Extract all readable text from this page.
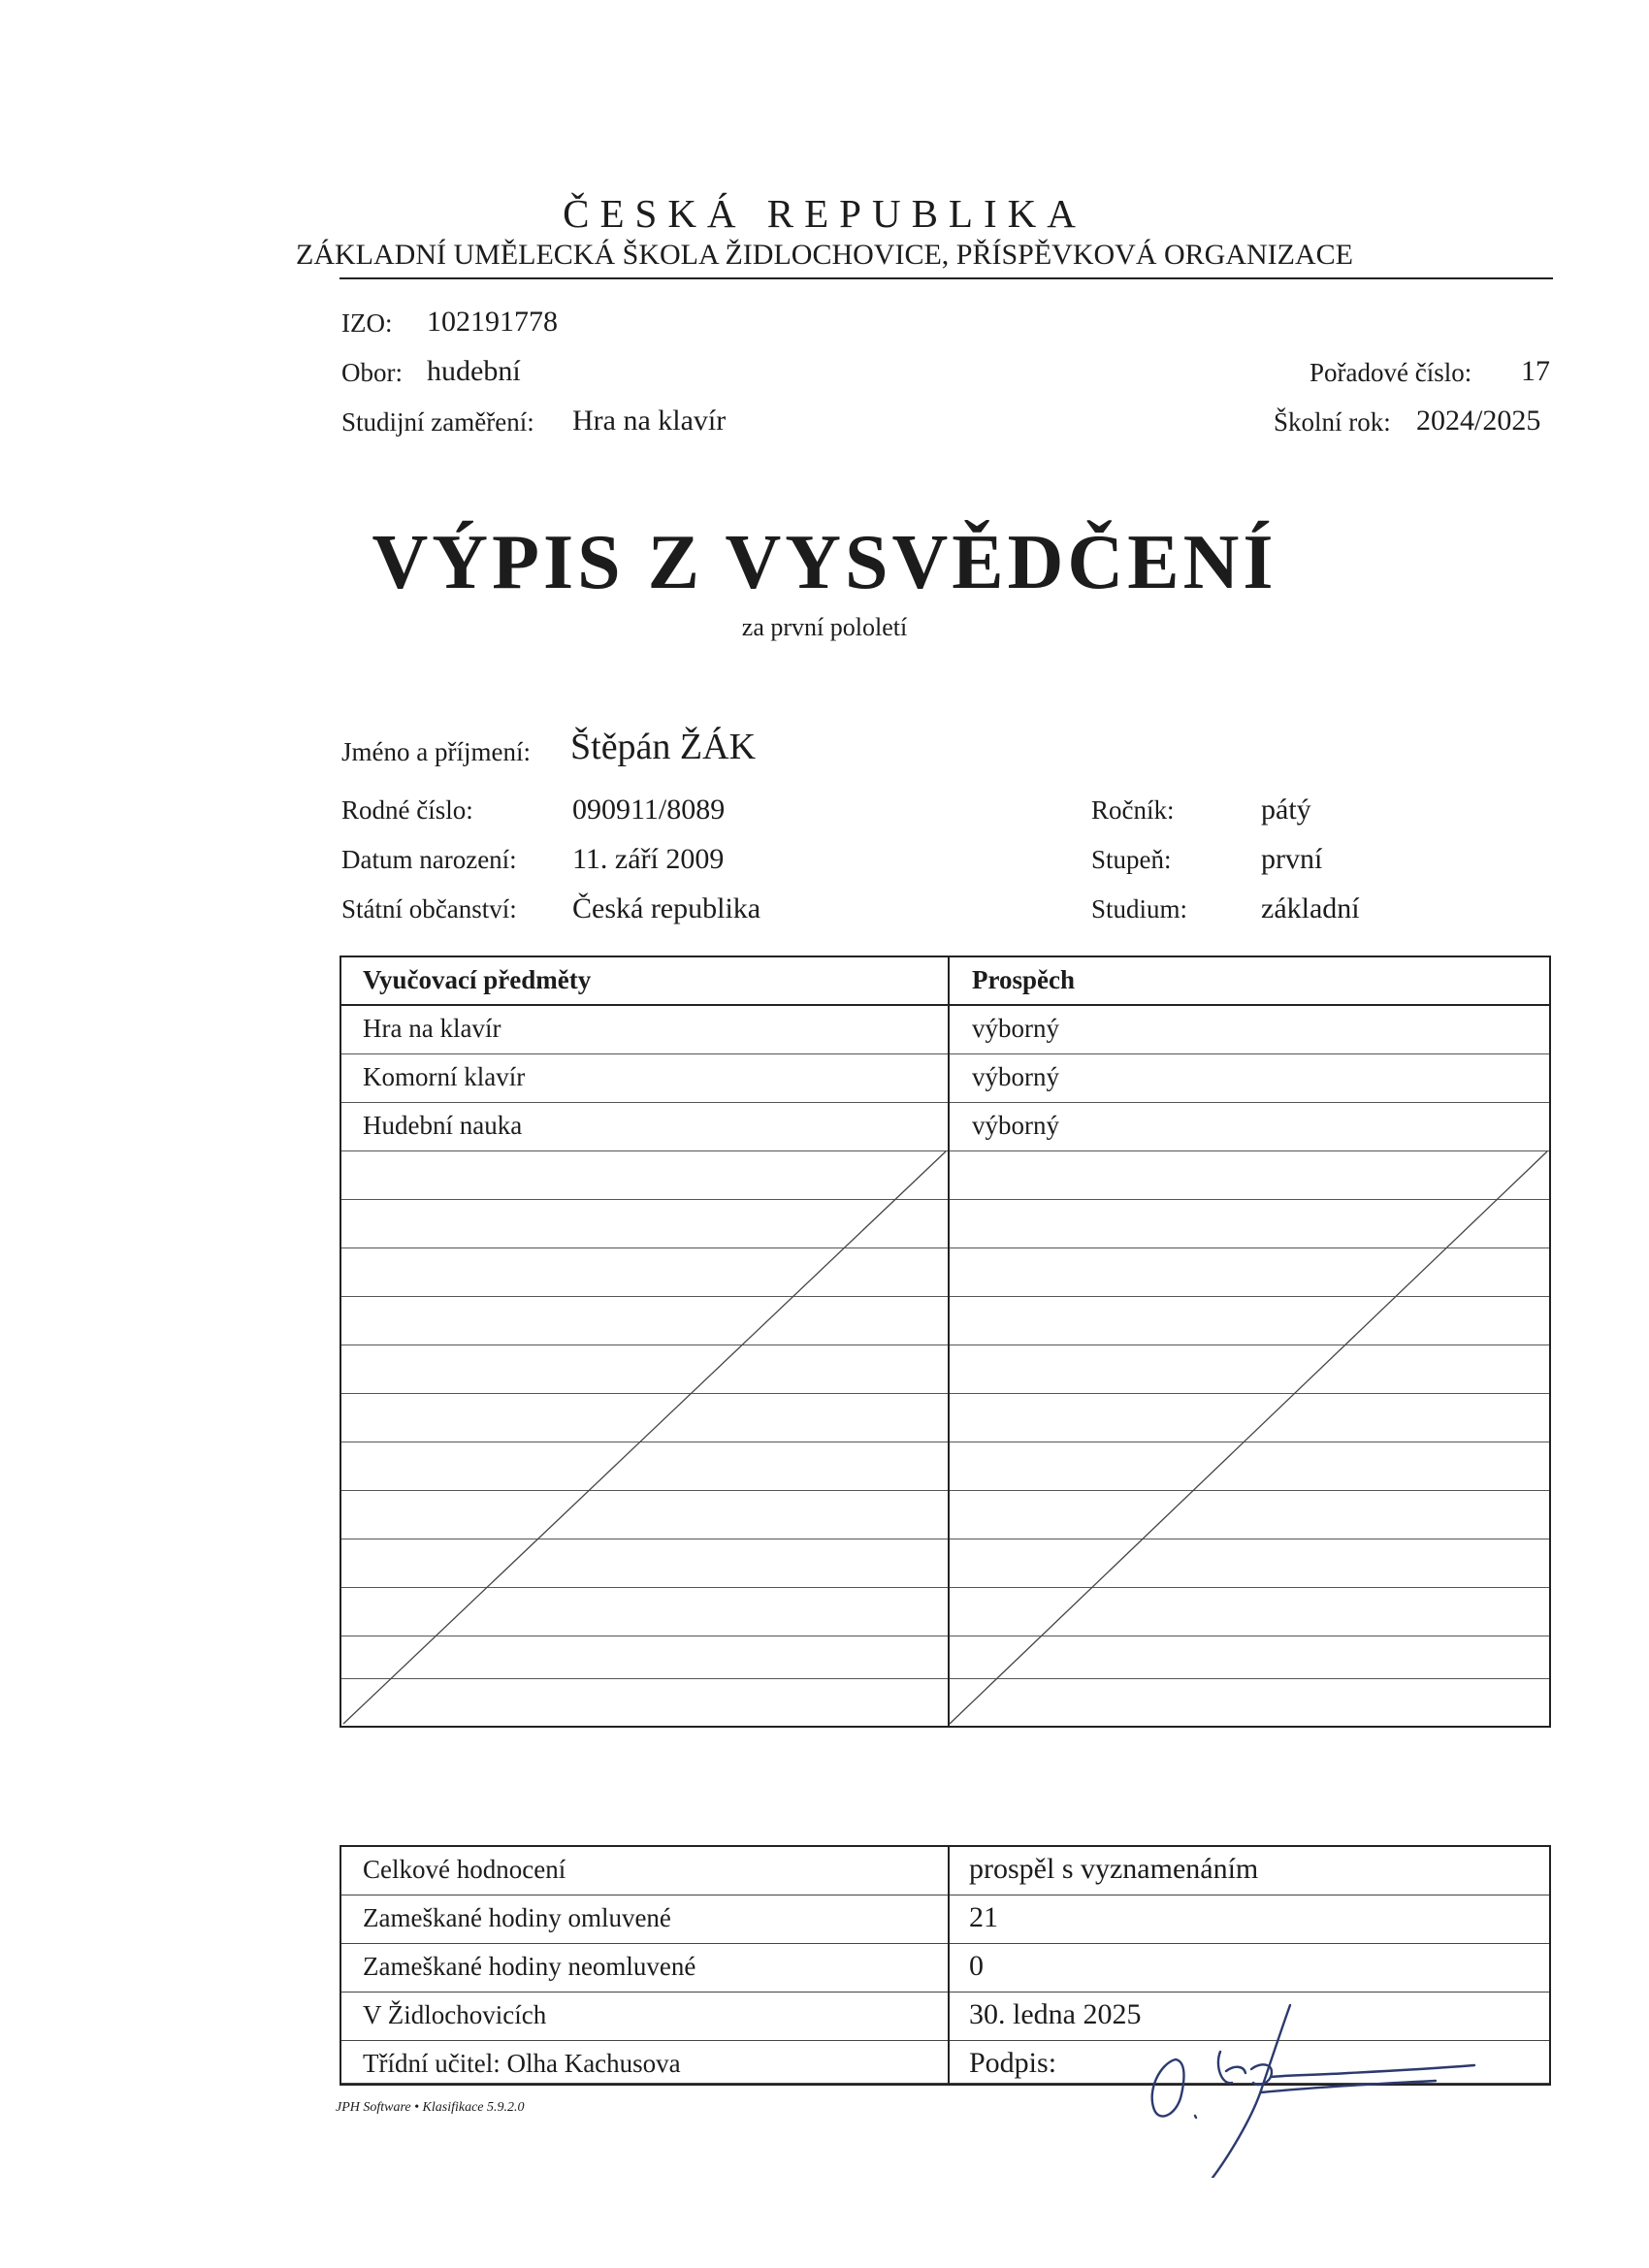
ČESKÁ REPUBLIKA
ZÁKLADNÍ UMĚLECKÁ ŠKOLA ŽIDLOCHOVICE, PŘÍSPĚVKOVÁ ORGANIZACE
IZO: 102191778
Obor: hudební
Studijní zaměření: Hra na klavír
Pořadové číslo: 17
Školní rok: 2024/2025
VÝPIS Z VYSVĚDČENÍ
za první pololetí
Jméno a příjmení: Štěpán ŽÁK
Rodné číslo:	090911/8089
Datum narození: 11. září 2009
Státní občanství: Česká republika
Ročník:	pátý
Stupeň:	první
Studium:	základní
Vyučovací předměty	Prospěch
Hra na klavír	výborný
Komorní klavír	výborný
Hudební nauka	výborný
Celkové hodnocení	prospěl s vyznamenáním
Zameškané hodiny omluvené	21
Zameškané hodiny neomluvené	0
V Židlochovicích	30. ledna 2025
Třídní učitel: Olha Kachusova	Podpis:
JPH Software • Klasifikace 5.9.2.0
